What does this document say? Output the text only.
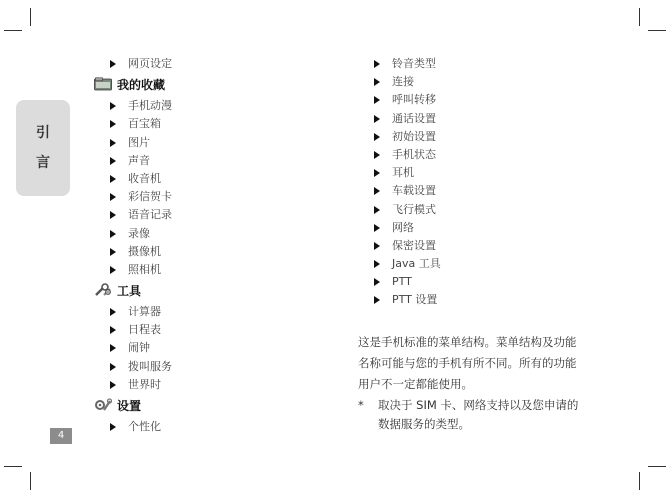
引
言
4
网页设定
我的收藏
手机动漫
百宝箱
图片
声音
收音机
彩信贺卡
语音记录
录像
摄像机
照相机
工具
计算器
日程表
闹钟
拨叫服务
世界时
设置
个性化
铃音类型
连接
呼叫转移
通话设置
初始设置
手机状态
耳机
车载设置
飞行模式
网络
保密设置
Java 工具
PTT
PTT 设置
这是手机标准的菜单结构。菜单结构及功能名称可能与您的手机有所不同。所有的功能用户不一定都能使用。
* 取决于 SIM 卡、网络支持以及您申请的数据服务的类型。
